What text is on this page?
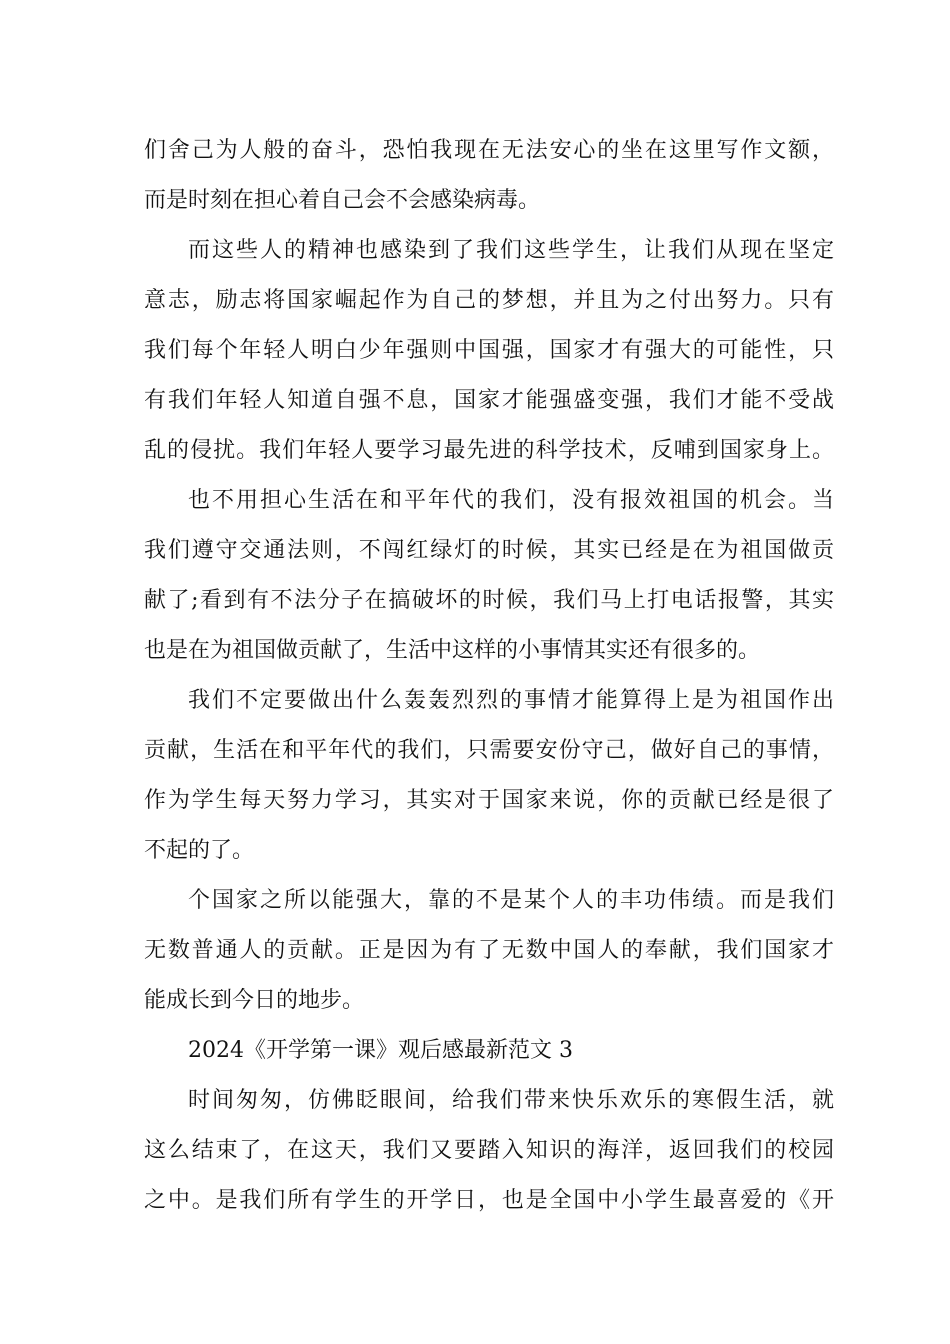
们舍己为人般的奋斗，恐怕我现在无法安心的坐在这里写作文额，
而是时刻在担心着自己会不会感染病毒。
而这些人的精神也感染到了我们这些学生，让我们从现在坚定
意志，励志将国家崛起作为自己的梦想，并且为之付出努力。只有
我们每个年轻人明白少年强则中国强，国家才有强大的可能性，只
有我们年轻人知道自强不息，国家才能强盛变强，我们才能不受战
乱的侵扰。我们年轻人要学习最先进的科学技术，反哺到国家身上。
也不用担心生活在和平年代的我们，没有报效祖国的机会。当
我们遵守交通法则，不闯红绿灯的时候，其实已经是在为祖国做贡
献了;看到有不法分子在搞破坏的时候，我们马上打电话报警，其实
也是在为祖国做贡献了，生活中这样的小事情其实还有很多的。
我们不定要做出什么轰轰烈烈的事情才能算得上是为祖国作出
贡献，生活在和平年代的我们，只需要安份守己，做好自己的事情，
作为学生每天努力学习，其实对于国家来说，你的贡献已经是很了
不起的了。
个国家之所以能强大，靠的不是某个人的丰功伟绩。而是我们
无数普通人的贡献。正是因为有了无数中国人的奉献，我们国家才
能成长到今日的地步。
2024《开学第一课》观后感最新范文 3
时间匆匆，仿佛眨眼间，给我们带来快乐欢乐的寒假生活，就
这么结束了，在这天，我们又要踏入知识的海洋，返回我们的校园
之中。是我们所有学生的开学日，也是全国中小学生最喜爱的《开
